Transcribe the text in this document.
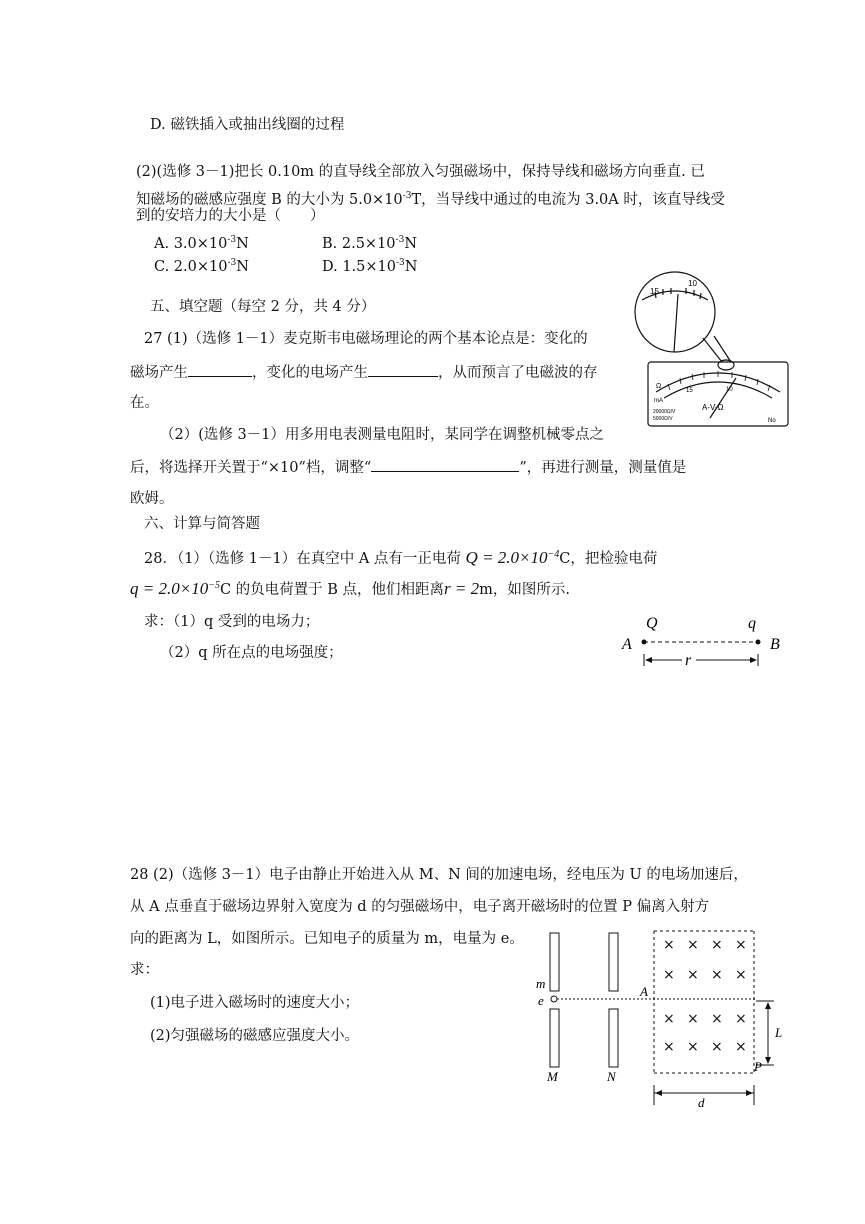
D. 磁铁插入或抽出线圈的过程
(2)(选修 3－1)把长 0.10m 的直导线全部放入匀强磁场中，保持导线和磁场方向垂直. 已
知磁场的磁感应强度 B 的大小为 $5.0\times 10^{-3}T$，当导线中通过的电流为 3.0A 时，该直导线受
到的安培力的大小是（　　）
A. $3.0\times 10^{-3}N$	B. $2.5\times 10^{-3}N$
C. $2.0\times 10^{-3}N$	D. $1.5\times 10^{-3}N$
五、填空题（每空 2 分，共 4 分）
27 (1)（选修 1－1）麦克斯韦电磁场理论的两个基本论点是：变化的
磁场产生	，变化的电场产生	，从而预言了电磁波的存
在。
（2）(选修 3－1）用多用电表测量电阻时，某同学在调整机械零点之
后，将选择开关置于“×10”档，调整“	”，再进行测量，测量值是
欧姆。
15
10
15	10
A-V-Ω
20000Ω/V
5000Ω/V
Ω
mA
No
六、计算与简答题
28．（1）（选修 1－1）在真空中 A 点有一正电荷 $Q = 2.0\times 10^{-4}C$，把检验电荷
$q = 2.0\times 10^{-5}C$ 的负电荷置于 B 点，他们相距离r = 2m，如图所示.
求：（1）q 受到的电场力；
（2）q 所在点的电场强度；	A	B
Q	q
r
28 (2)（选修 3－1）电子由静止开始进入从 M、N 间的加速电场，经电压为 U 的电场加速后，
从 A 点垂直于磁场边界射入宽度为 d 的匀强磁场中，电子离开磁场时的位置 P 偏离入射方
向的距离为 L，如图所示。已知电子的质量为 m，电量为 e。
求：
(1)电子进入磁场时的速度大小；
(2)匀强磁场的磁感应强度大小。
× × × ×
× × × ×
× × × ×
× × × ×
m
e
M	N
A
L
P
d
